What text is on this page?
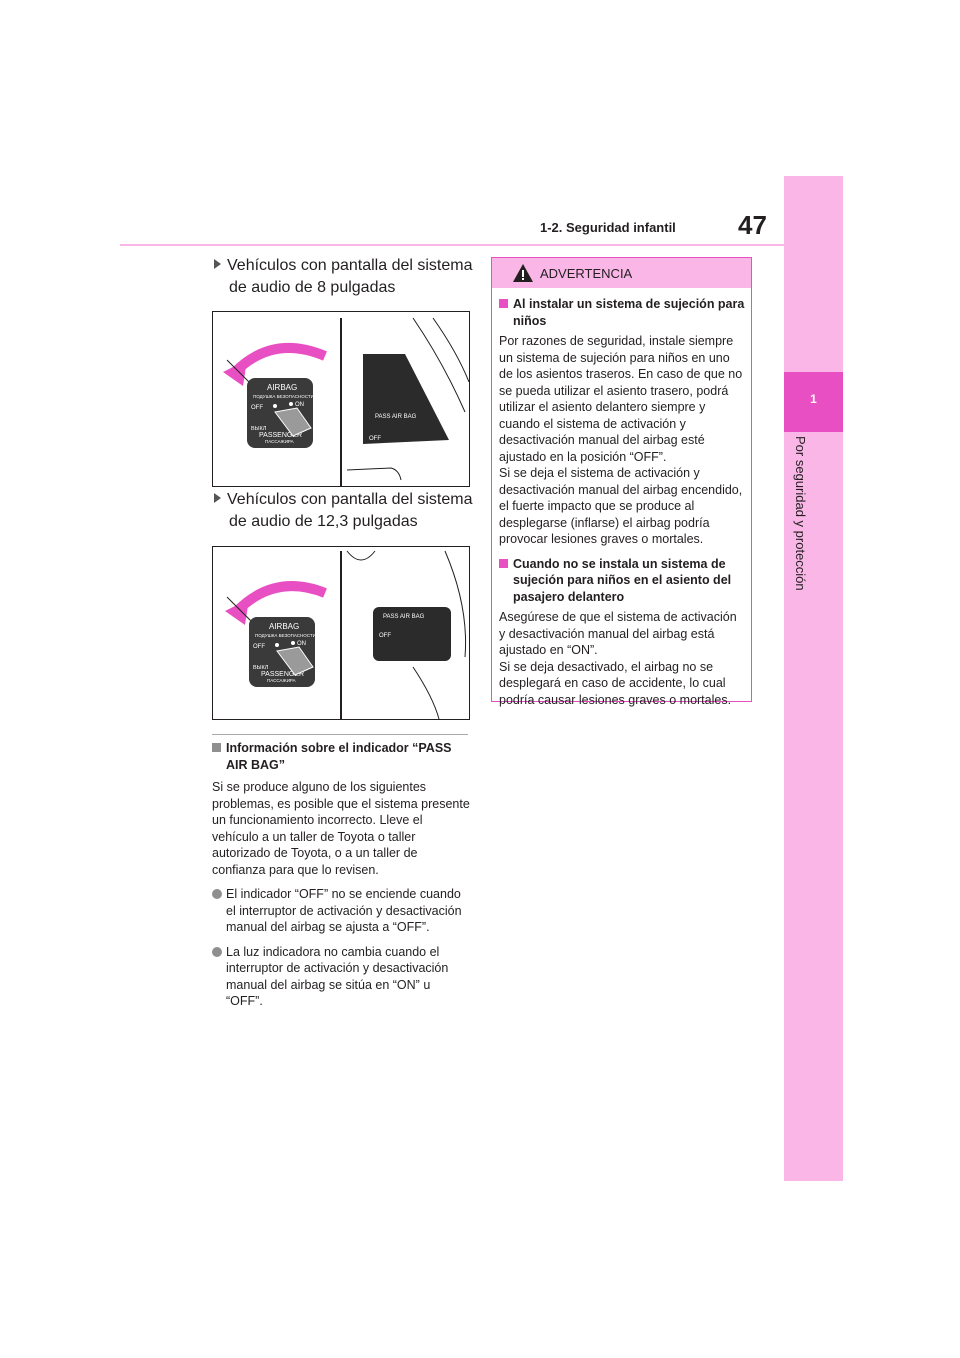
1
Por seguridad y protección
1-2. Seguridad infantil 47
Vehículos con pantalla del sistema
de audio de 8 pulgadas
AIRBAG
ПОДУШКА БЕЗОПАСНОСТИ
OFF	ON
ВЫКЛ
PASSENGER
ПАССАЖИРА
PASS AIR BAG
OFF
Vehículos con pantalla del sistema
de audio de 12,3 pulgadas
AIRBAG
ПОДУШКА БЕЗОПАСНОСТИ
OFF	ON
ВЫКЛ
PASSENGER
ПАССАЖИРА
PASS AIR BAG
OFF
Información sobre el indicador “PASS AIR BAG”
Si se produce alguno de los siguientes problemas, es posible que el sistema presente un funcionamiento incorrecto. Lleve el vehículo a un taller de Toyota o taller autorizado de Toyota, o a un taller de confianza para que lo revisen.
El indicador “OFF” no se enciende cuando el interruptor de activación y desactivación manual del airbag se ajusta a “OFF”.
La luz indicadora no cambia cuando el interruptor de activación y desactivación manual del airbag se sitúa en “ON” u “OFF”.
ADVERTENCIA
Al instalar un sistema de sujeción para niños
Por razones de seguridad, instale siempre un sistema de sujeción para niños en uno de los asientos traseros. En caso de que no se pueda utilizar el asiento trasero, podrá utilizar el asiento delantero siempre y cuando el sistema de activación y desactivación manual del airbag esté ajustado en la posición “OFF”.
Si se deja el sistema de activación y desactivación manual del airbag encendido, el fuerte impacto que se produce al desplegarse (inflarse) el airbag podría provocar lesiones graves o mortales.
Cuando no se instala un sistema de sujeción para niños en el asiento del pasajero delantero
Asegúrese de que el sistema de activación y desactivación manual del airbag está ajustado en “ON”.
Si se deja desactivado, el airbag no se desplegará en caso de accidente, lo cual podría causar lesiones graves o mortales.
